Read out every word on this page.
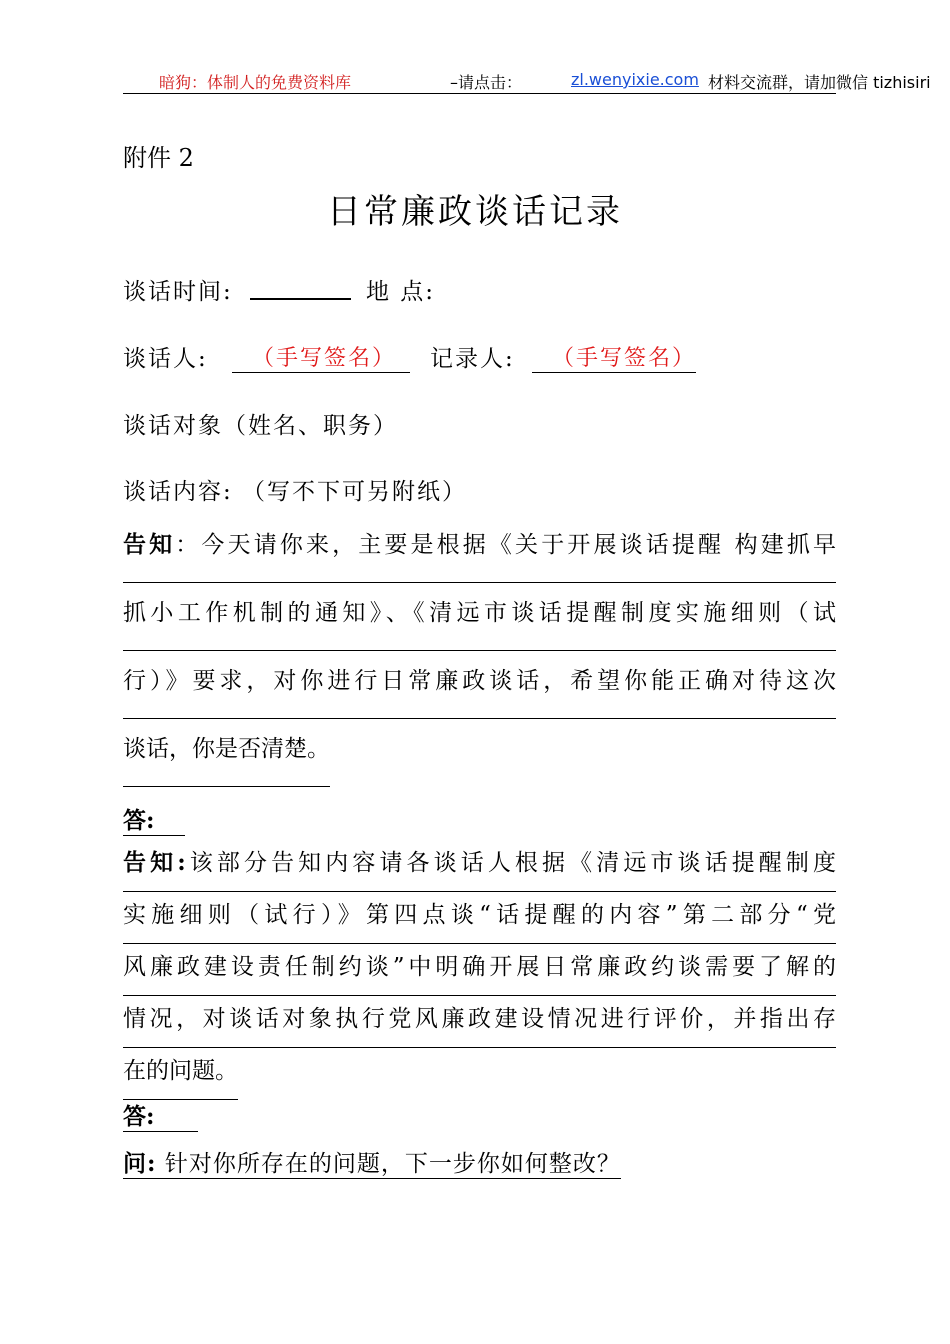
暗狗：体制人的免费资料库	–请点击：	zl.wenyixie.com 材料交流群，请加微信 tizhisiri
附件 2
日常廉政谈话记录
谈话时间:	地 点:
谈话人:	（手写签名）	记录人:	（手写签名）
谈话对象（姓名、职务）
谈话内容: （写不下可另附纸）
告知：今天请你来，主要是根据《关于开展谈话提醒 构建抓早
抓小工作机制的通知》、《清远市谈话提醒制度实施细则（试
行）》要求，对你进行日常廉政谈话，希望你能正确对待这次
谈话，你是否清楚。
答:
告知:该部分告知内容请各谈话人根据《清远市谈话提醒制度
实施细则（试行）》第四点谈“话提醒的内容”第二部分“党
风廉政建设责任制约谈”中明确开展日常廉政约谈需要了解的
情况，对谈话对象执行党风廉政建设情况进行评价，并指出存
在的问题。
答:
问: 针对你所存在的问题，下一步你如何整改？
